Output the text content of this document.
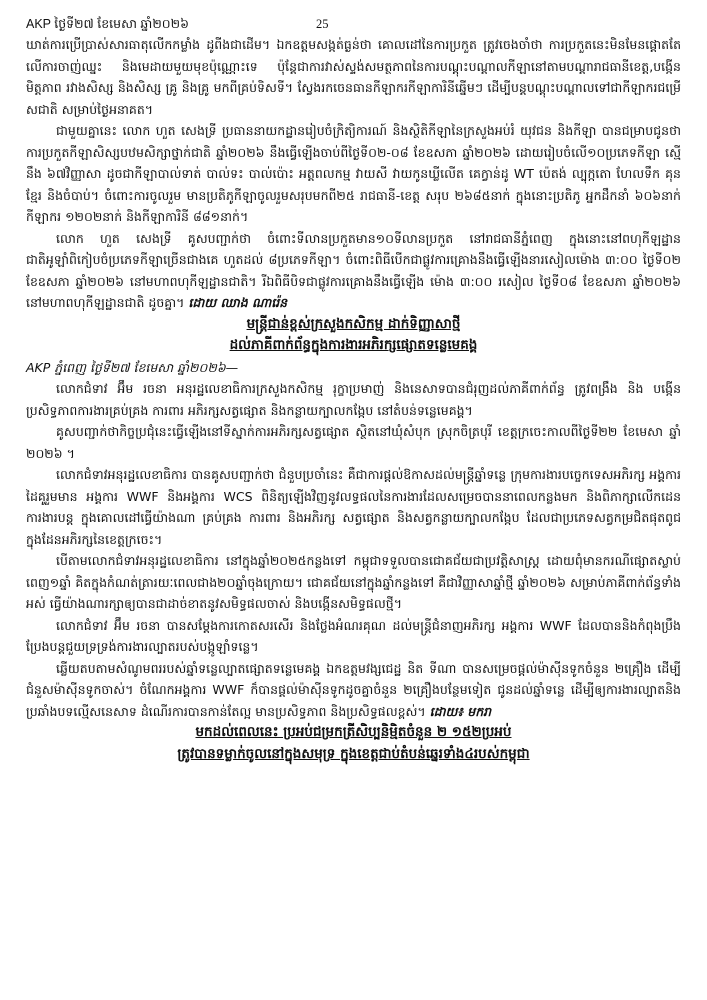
AKP ថ្ងៃទី២៧ ខែមេសា ឆ្នាំ២០២៦	25

ឃាត់ការប្រើប្រាស់សារធាតុលើកកម្លាំង ដូពីងជាដើម។ ឯកឧត្តមសង្កត់ធ្ងន់ថា គោលដៅនៃការប្រកួត ត្រូវចេងចាំថា ការប្រកួតនេះមិនមែនផ្តោតតែលើការចាញ់ឈ្នះ និងមេដាយមួយមុខប៉ុណ្ណោះទេ ប៉ុន្តែជាការវាស់ស្ទង់សមត្ថភាពនៃការបណ្តុះបណ្តាលកីឡានៅតាមបណ្តារាជធានីខេត្ត,បង្កើនមិត្តភាព រវាងសិស្ស និងសិស្ស គ្រូ និងគ្រូ មកពីគ្រប់ទិសទី។ ស្វែងរកចេនធានកីឡាករកីឡាការិនីឆ្នើមៗ ដើម្បីបន្តបណ្តុះបណ្តាលទៅជាកីឡាករជម្រើសជាតិ សម្រាប់ថ្ងៃអនាគត។

ជាមួយគ្នានេះ លោក ហួត សេងទ្រី ប្រធាននាយកដ្ឋានរៀបចំក្រិត្យិការណ៍ និងស្ថិតិកីឡានៃក្រសួងអប់រំ យុវជន និងកីឡា បានជម្រាបជូនថា ការប្រកួតកីឡាសិស្សបឋមសិក្សាថ្នាក់ជាតិ ឆ្នាំ២០២៦ នឹងធ្វើឡើងចាប់ពីថ្ងៃទី០២-០៨ ខែឧសភា ឆ្នាំ២០២៦ ដោយរៀបចំលើ១០ប្រភេទកីឡា ស្មើនឹង ៦៧វិញ្ញាសា ដូចជាកីឡាបាល់ទាត់ បាល់ទះ បាល់ប៉ោះ អត្តពលកម្ម វាយសី វាយកូនឃ្លីលើត គេក្វាន់ដូ WT ប៉េតង់ ល្បុក្កតោ ហែលទឹក គុនខ្មែរ និងចំបាប់។ ចំពោះការចូលរួម មានប្រតិភូកីឡាចូលរួមសរុបមកពី២៥ រាជធានី-ខេត្ត សរុប ២៦៨៥នាក់ ក្នុងនោះប្រតិភូ អ្នកដឹកនាំ ៦០៦នាក់ កីឡាករ ១២០២នាក់ និងកីឡាការិនី ៨៨១នាក់។

លោក ហួត សេងទ្រី គូសបញ្ជាក់ថា ចំពោះទីលានប្រកួតមាន១០ទីលានប្រកួត នៅរាជធានីភ្នំពេញ ក្នុងនោះនៅពហុកីឡដ្ឋានជាតិអូឡាំពិកៀបចំប្រភេទកីឡាច្រើនជាងគេ ហួតដល់ ៨ប្រភេទកីឡា។ ចំពោះពិធីបើកជាផ្លូវការគ្រោងនឹងធ្វើឡើងនារសៀលម៉ោង ៣:០០ ថ្ងៃទី០២ ខែឧសភា ឆ្នាំ២០២៦ នៅមហាពហុកីឡដ្ឋានជាតិ។ រីឯពិធីបិទជាផ្លូវការគ្រោងនឹងធ្វើឡើង ម៉ោង ៣:០០ រសៀល ថ្ងៃទី០៨ ខែឧសភា ឆ្នាំ២០២៦ នៅមហាពហុកីឡដ្ឋានជាតិ ដូចគ្នា។ ដោយ ឈាង ណារ៉េន

មន្ត្រីជាន់ខ្ពស់ក្រសួងកសិកម្ម ដាក់ទិញ្ញាសាថ្មី
ដល់ភាគីពាក់ព័ន្ធក្នុងការងារអភិរក្សផ្សោតទន្លេមេគង្គ

AKP ភ្នំពេញ ថ្ងៃទី២៧ ខែមេសា ឆ្នាំ២០២៦—

លោកជំទាវ អ៊ឹម រចនា អនុរដ្ឋលេខាធិការក្រសួងកសិកម្ម រុក្ខាប្រមាញ់ និងនេសាទបានជំរុញដល់ភាគីពាក់ព័ន្ធ ត្រូវពង្រឹង និង បង្កើនប្រសិទ្ធភាពការងារគ្រប់គ្រង ការពារ អភិរក្សសត្វផ្សោត និងកន្លាយក្បាលកង្កែប នៅតំបន់ទន្លេមេគង្គ។

គូសបញ្ជាក់ថាកិច្ចប្រជុំនេះធ្វើឡើងនៅទីស្នាក់ការអភិរក្សសត្វផ្សោត ស្ថិតនៅឃុំសំបុក ស្រុកចិត្របុរី ខេត្តក្រចេះកាលពីថ្ងៃទី២២ ខែមេសា ឆ្នាំ ២០២៦ ។

លោកជំទាវអនុរដ្ឋលេខាធិការ បានគូសបញ្ជាក់ថា ជំនួបប្រចាំនេះ គឺជាការផ្តល់ឱកាសដល់មន្ត្រីឆ្នាំទន្លេ ក្រុមការងារបច្ចេកទេសអភិរក្ស អង្គការដៃគូរួមមាន អង្គការ WWF និងអង្គការ WCS ពិនិត្យឡើងវិញនូវលទ្ធផលនៃការងារដែលសម្រេចបាននាពេលកន្លងមក និងពិភាក្សាលើកដេនការងារបន្ត ក្នុងគោលដៅធ្វើយ៉ាងណា គ្រប់គ្រង ការពារ និងអភិរក្ស សត្វផ្សោត និងសត្វកន្លាយក្បាលកង្កែប ដែលជាប្រភេទសត្វកម្រជិតផុតពូជ ក្នុងដែនអភិរក្សនៃខេត្តក្រចេះ។

បើតាមលោកជំទាវអនុរដ្ឋលេខាធិការ នៅក្នុងឆ្នាំ២០២៥កន្លងទៅ កម្ពុជាទទួលបានជោគជ័យជាប្រវត្តិសាស្ត្រ ដោយពុំមានករណីផ្សោតស្លាប់ពេញ១ឆ្នាំ គិតក្នុងកំណត់ត្រារយៈពេលជាង២០ឆ្នាំចុងក្រោយ។ ជោគជ័យនៅក្នុងឆ្នាំកន្លងទៅ គឺជាវិញ្ញាសាឆ្នាំថ្មី ឆ្នាំ២០២៦ សម្រាប់ភាគីពាក់ព័ន្ធទាំងអស់ ធ្វើយ៉ាងណារក្សាឲ្យបានជាដាច់ខាតនូវសមិទ្ធផលចាស់ និងបង្កើនសមិទ្ធផលថ្មី។

លោកជំទាវ អ៊ឹម រចនា បានសម្តែងការកោតសរសើរ និងថ្លែងអំណរគុណ ដល់មន្ត្រីជំនាញអភិរក្ស អង្គការ WWF ដែលបាននិងកំពុងប្រឹងប្រែងបន្តជួយទ្រទ្រង់ការងារល្បាតរបស់បង្កូឡាំទន្លេ។

ឆ្លើយតបតាមសំណូមពររបស់ឆ្នាំទន្លេល្បាតផ្សោតទន្លេមេគង្គ ឯកឧត្តមវង្សជេដ្ឋ និត ទីណា បានសម្រេចផ្តល់ម៉ាស៊ីនទូកចំនួន ២គ្រឿង ដើម្បីជំនួសម៉ាស៊ីនទូកចាស់។ ចំណែកអង្គការ WWF ក៏បានផ្តល់ម៉ាស៊ីនទូកដូចគ្នាចំនួន ២គ្រឿងបន្ថែមទៀត ជូនដល់ឆ្នាំទន្លេ ដើម្បីឲ្យការងារល្បាតនិងប្រឆាំងបទល្មើសនេសាទ ដំណើរការបានកាន់តែល្អ មានប្រសិទ្ធភាព និងប្រសិទ្ធផលខ្ពស់។ ដោយ៖ មករា

មកដល់ពេលនេះ ប្រអប់ជម្រកត្រីសិប្បនិម្មិតចំនួន ២ ១៥២ប្រអប់
ត្រូវបានទម្លាក់ចូលនៅក្នុងសមុទ្រ ក្នុងខេត្តជាប់តំបន់ឆ្នេរទាំង៤របស់កម្ពុជា
